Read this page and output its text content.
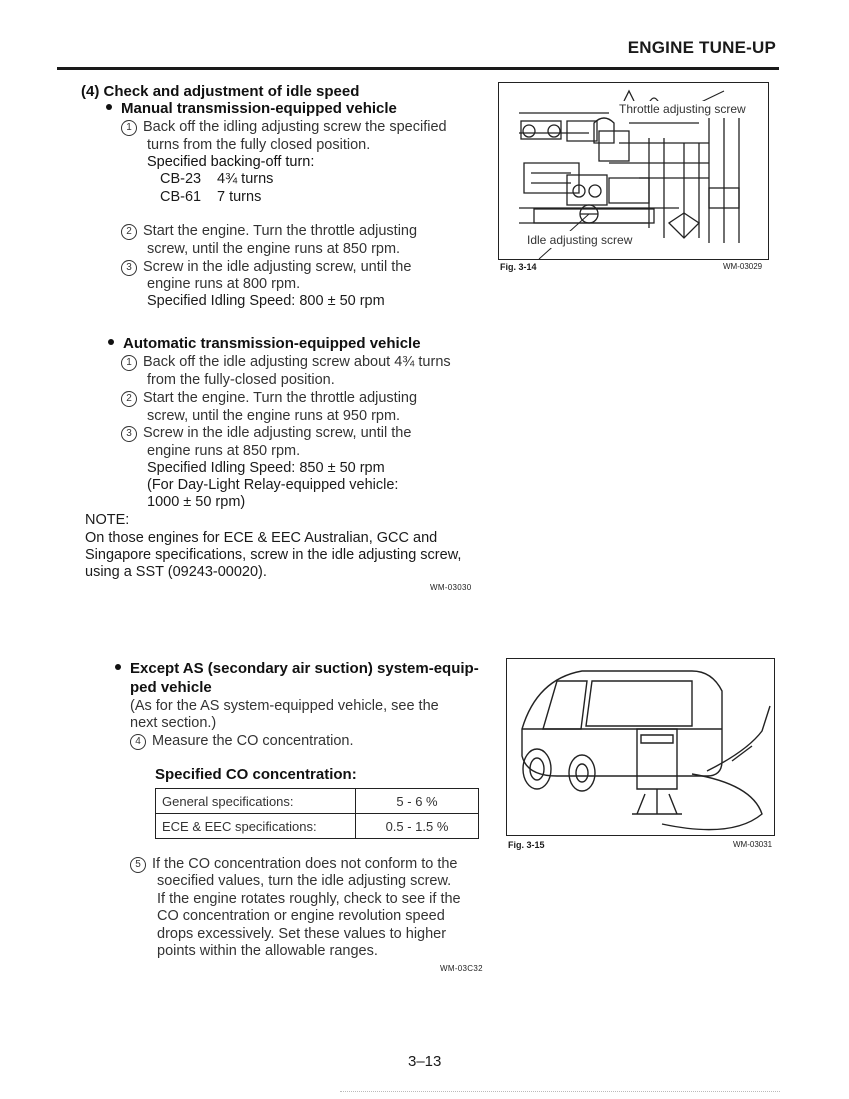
ENGINE TUNE-UP
(4) Check and adjustment of idle speed
Manual transmission-equipped vehicle
1 Back off the idling adjusting screw the specified
turns from the fully closed position.
Specified backing-off turn:
CB-23 4¾ turns
CB-61 7 turns
2 Start the engine. Turn the throttle adjusting
screw, until the engine runs at 850 rpm.
3 Screw in the idle adjusting screw, until the
engine runs at 800 rpm.
Specified Idling Speed: 800 ± 50 rpm
Automatic transmission-equipped vehicle
1 Back off the idle adjusting screw about 4¾ turns
from the fully-closed position.
2 Start the engine. Turn the throttle adjusting
screw, until the engine runs at 950 rpm.
3 Screw in the idle adjusting screw, until the
engine runs at 850 rpm.
Specified Idling Speed: 850 ± 50 rpm
(For Day-Light Relay-equipped vehicle:
1000 ± 50 rpm)
NOTE:
On those engines for ECE & EEC Australian, GCC and
Singapore specifications, screw in the idle adjusting screw,
using a SST (09243-00020).
WM-03030
Throttle adjusting screw
Idle adjusting screw
Fig. 3-14	WM-03029
Except AS (secondary air suction) system-equip-
ped vehicle
(As for the AS system-equipped vehicle, see the
next section.)
4 Measure the CO concentration.
Specified CO concentration:
General specifications:	5 - 6 %
ECE & EEC specifications:	0.5 - 1.5 %
5 If the CO concentration does not conform to the
soecified values, turn the idle adjusting screw.
If the engine rotates roughly, check to see if the
CO concentration or engine revolution speed
drops excessively. Set these values to higher
points within the allowable ranges.
WM-03C32
Fig. 3-15	WM-03031
3–13
